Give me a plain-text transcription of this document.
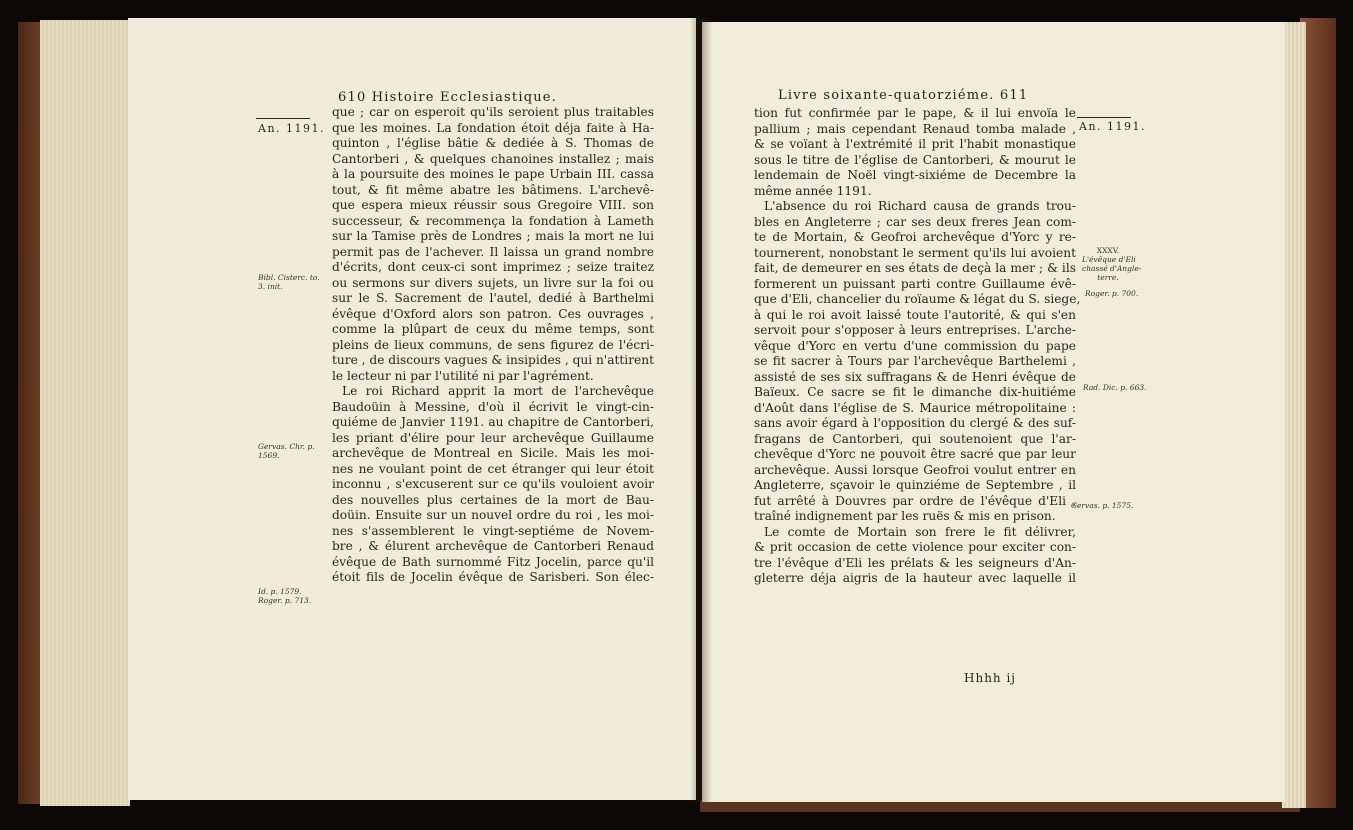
610 Histoire Ecclesiastique.
An. 1191.
Bibl. Cisterc. to.
3. init.
Gervas. Chr. p.
1569.
Id. p. 1579.
Roger. p. 713.
que ; car on esperoit qu'ils seroient plus traitables
que les moines. La fondation étoit déja faite à Ha-
quinton , l'église bâtie & dediée à S. Thomas de
Cantorberi , & quelques chanoines installez ; mais
à la poursuite des moines le pape Urbain III. cassa
tout, & fit même abatre les bâtimens. L'archevê-
que espera mieux réussir sous Gregoire VIII. son
successeur, & recommença la fondation à Lameth
sur la Tamise près de Londres ; mais la mort ne lui
permit pas de l'achever. Il laissa un grand nombre
d'écrits, dont ceux-ci sont imprimez ; seize traitez
ou sermons sur divers sujets, un livre sur la foi ou
sur le S. Sacrement de l'autel, dedié à Barthelmi
évêque d'Oxford alors son patron. Ces ouvrages ,
comme la plûpart de ceux du même temps, sont
pleins de lieux communs, de sens figurez de l'écri-
ture , de discours vagues & insipides , qui n'attirent
le lecteur ni par l'utilité ni par l'agrément.
Le roi Richard apprit la mort de l'archevêque
Baudoüin à Messine, d'où il écrivit le vingt-cin-
quiéme de Janvier 1191. au chapitre de Cantorberi,
les priant d'élire pour leur archevêque Guillaume
archevêque de Montreal en Sicile. Mais les moi-
nes ne voulant point de cet étranger qui leur étoit
inconnu , s'excuserent sur ce qu'ils vouloient avoir
des nouvelles plus certaines de la mort de Bau-
doüin. Ensuite sur un nouvel ordre du roi , les moi-
nes s'assemblerent le vingt-septiéme de Novem-
bre , & élurent archevêque de Cantorberi Renaud
évêque de Bath surnommé Fitz Jocelin, parce qu'il
étoit fils de Jocelin évêque de Sarisberi. Son élec-
Livre soixante-quatorziéme. 611
An. 1191.
XXXV.
L'évêque d'Eli
chassé d'Angle-
terre.
Roger. p. 700.
Rad. Dic. p. 663.
Gervas. p. 1575.
tion fut confirmée par le pape, & il lui envoïa le
pallium ; mais cependant Renaud tomba malade ,
& se voïant à l'extrémité il prit l'habit monastique
sous le titre de l'église de Cantorberi, & mourut le
lendemain de Noël vingt-sixiéme de Decembre la
même année 1191.
L'absence du roi Richard causa de grands trou-
bles en Angleterre ; car ses deux freres Jean com-
te de Mortain, & Geofroi archevêque d'Yorc y re-
tournerent, nonobstant le serment qu'ils lui avoient
fait, de demeurer en ses états de deçà la mer ; & ils
formerent un puissant parti contre Guillaume évê-
que d'Eli, chancelier du roïaume & légat du S. siege,
à qui le roi avoit laissé toute l'autorité, & qui s'en
servoit pour s'opposer à leurs entreprises. L'arche-
vêque d'Yorc en vertu d'une commission du pape
se fit sacrer à Tours par l'archevêque Barthelemi ,
assisté de ses six suffragans & de Henri évêque de
Baïeux. Ce sacre se fit le dimanche dix-huitiéme
d'Août dans l'église de S. Maurice métropolitaine :
sans avoir égard à l'opposition du clergé & des suf-
fragans de Cantorberi, qui soutenoient que l'ar-
chevêque d'Yorc ne pouvoit être sacré que par leur
archevêque. Aussi lorsque Geofroi voulut entrer en
Angleterre, sçavoir le quinziéme de Septembre , il
fut arrêté à Douvres par ordre de l'évêque d'Eli ,
traîné indignement par les ruës & mis en prison.
Le comte de Mortain son frere le fit délivrer,
& prit occasion de cette violence pour exciter con-
tre l'évêque d'Eli les prélats & les seigneurs d'An-
gleterre déja aigris de la hauteur avec laquelle il
Hhhh ij
